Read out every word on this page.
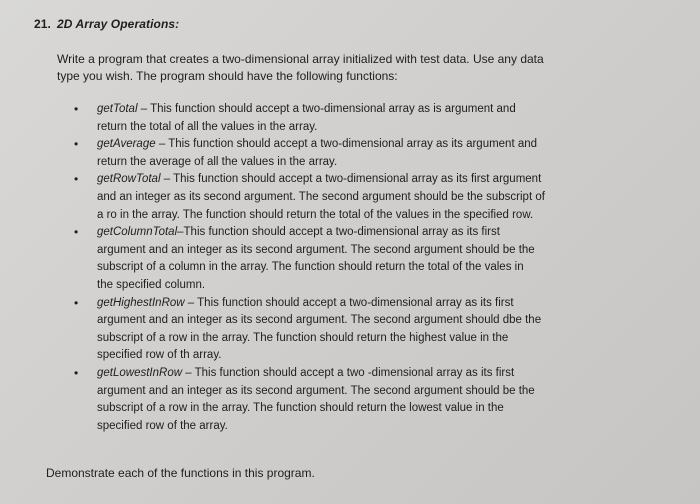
21. 2D Array Operations:

Write a program that creates a two-dimensional array initialized with test data. Use any data

type you wish. The program should have the following functions:

• getTotal – This function should accept a two-dimensional array as is argument and
return the total of all the values in the array.
• getAverage – This function should accept a two-dimensional array as its argument and
return the average of all the values in the array.
• getRowTotal – This function should accept a two-dimensional array as its first argument
and an integer as its second argument. The second argument should be the subscript of
a ro in the array. The function should return the total of the values in the specified row.
• getColumnTotal–This function should accept a two-dimensional array as its first
argument and an integer as its second argument. The second argument should be the
subscript of a column in the array. The function should return the total of the vales in
the specified column.
• getHighestInRow – This function should accept a two-dimensional array as its first
argument and an integer as its second argument. The second argument should dbe the
subscript of a row in the array. The function should return the highest value in the
specified row of th array.
• getLowestInRow – This function should accept a two -dimensional array as its first
argument and an integer as its second argument. The second argument should be the
subscript of a row in the array. The function should return the lowest value in the
specified row of the array.
Demonstrate each of the functions in this program.
